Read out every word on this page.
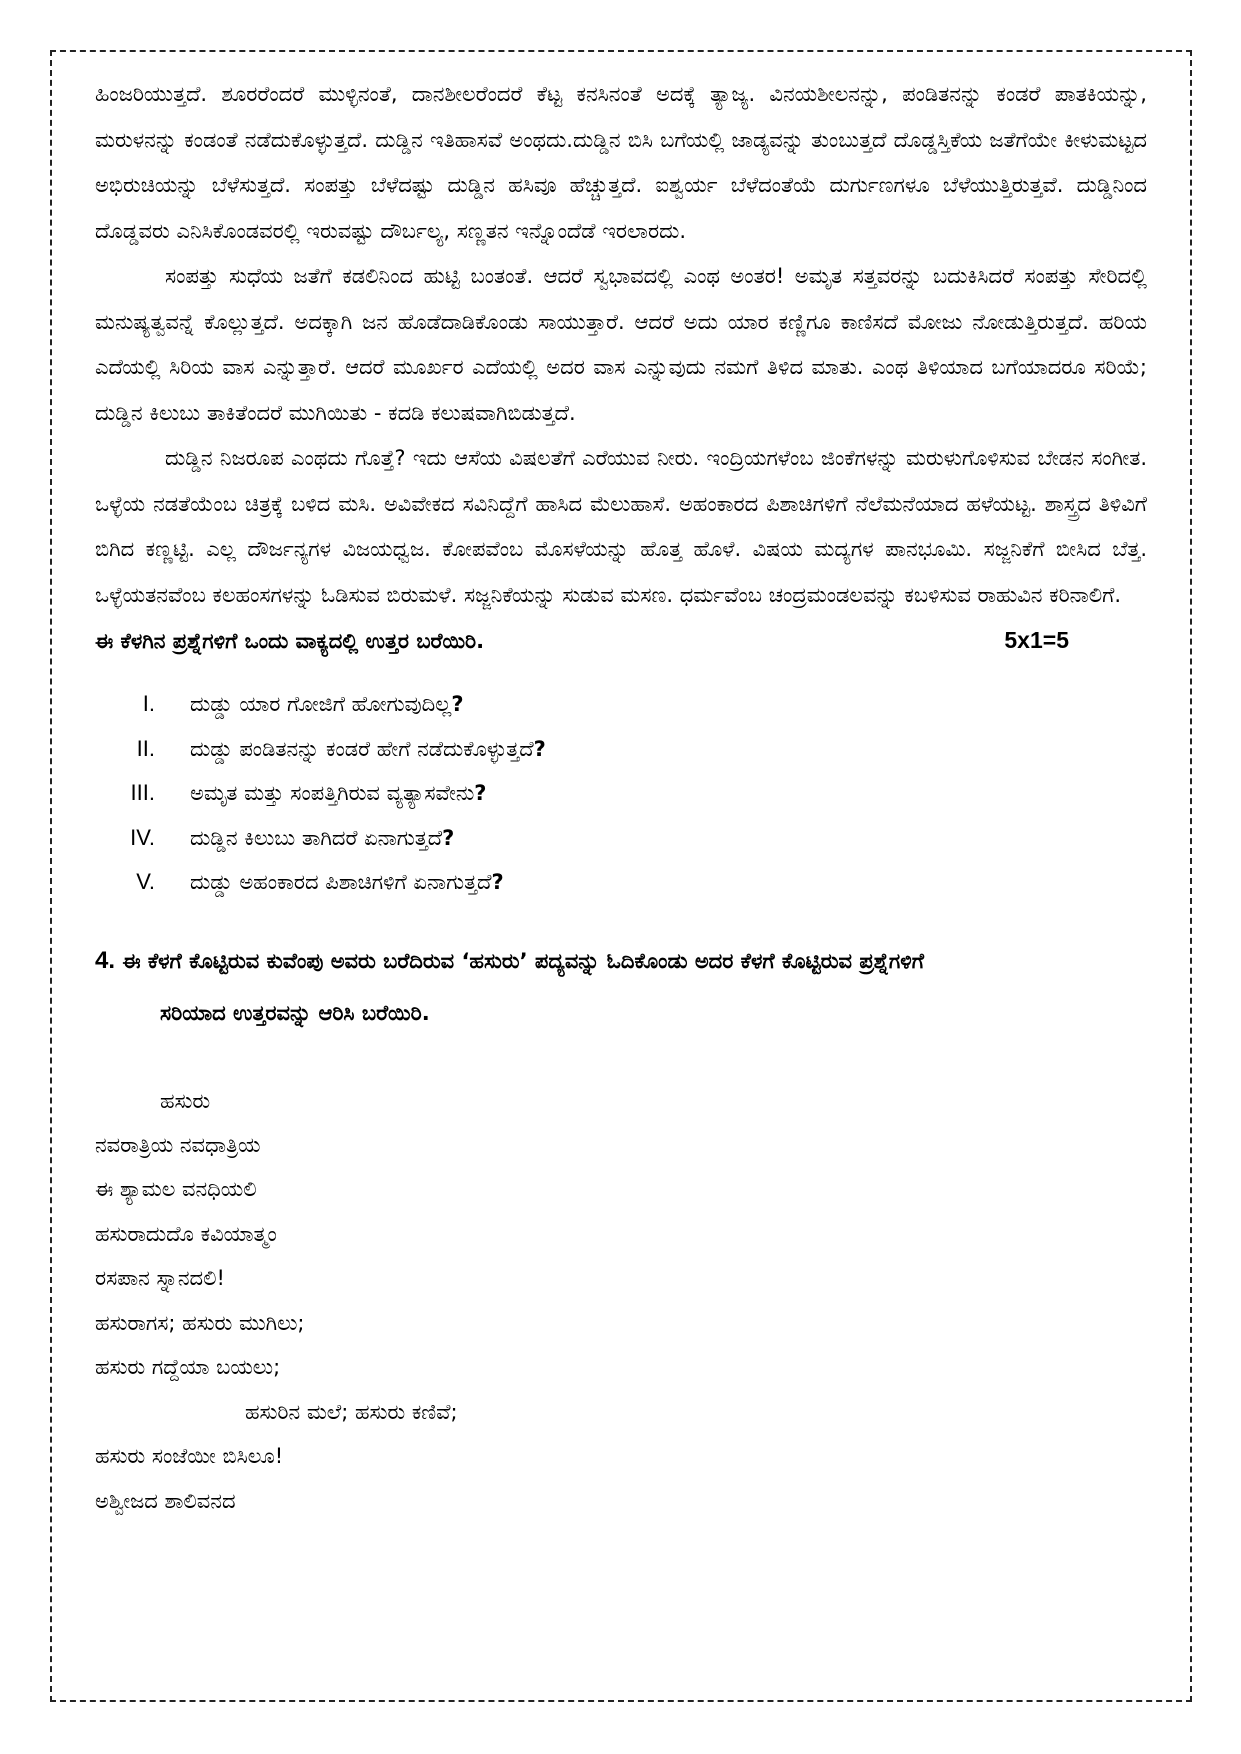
ಹಿಂಜರಿಯುತ್ತದೆ. ಶೂರರೆಂದರೆ ಮುಳ್ಳಿನಂತೆ, ದಾನಶೀಲರೆಂದರೆ ಕೆಟ್ಟ ಕನಸಿನಂತೆ ಅದಕ್ಕೆ ತ್ಯಾಜ್ಯ. ವಿನಯಶೀಲನನ್ನು, ಪಂಡಿತನನ್ನು ಕಂಡರೆ ಪಾತಕಿಯನ್ನು, ಮರುಳನನ್ನು ಕಂಡಂತೆ ನಡೆದುಕೊಳ್ಳುತ್ತದೆ. ದುಡ್ಡಿನ ಇತಿಹಾಸವೆ ಅಂಥದು.ದುಡ್ಡಿನ ಬಿಸಿ ಬಗೆಯಲ್ಲಿ ಜಾಡ್ಯವನ್ನು ತುಂಬುತ್ತದೆ ದೊಡ್ಡಸ್ತಿಕೆಯ ಜತೆಗೆಯೇ ಕೀಳುಮಟ್ಟದ ಅಭಿರುಚಿಯನ್ನು ಬೆಳೆಸುತ್ತದೆ. ಸಂಪತ್ತು ಬೆಳೆದಷ್ಟು ದುಡ್ಡಿನ ಹಸಿವೂ ಹೆಚ್ಚುತ್ತದೆ. ಐಶ್ವರ್ಯ ಬೆಳೆದಂತೆಯೆ ದುರ್ಗುಣಗಳೂ ಬೆಳೆಯುತ್ತಿರುತ್ತವೆ. ದುಡ್ಡಿನಿಂದ ದೊಡ್ಡವರು ಎನಿಸಿಕೊಂಡವರಲ್ಲಿ ಇರುವಷ್ಟು ದೌರ್ಬಲ್ಯ, ಸಣ್ಣತನ ಇನ್ನೊಂದೆಡೆ ಇರಲಾರದು.

ಸಂಪತ್ತು ಸುಧೆಯ ಜತೆಗೆ ಕಡಲಿನಿಂದ ಹುಟ್ಟಿ ಬಂತಂತೆ. ಆದರೆ ಸ್ವಭಾವದಲ್ಲಿ ಎಂಥ ಅಂತರ! ಅಮೃತ ಸತ್ತವರನ್ನು ಬದುಕಿಸಿದರೆ ಸಂಪತ್ತು ಸೇರಿದಲ್ಲಿ ಮನುಷ್ಯತ್ವವನ್ನೆ ಕೊಲ್ಲುತ್ತದೆ. ಅದಕ್ಕಾಗಿ ಜನ ಹೊಡೆದಾಡಿಕೊಂಡು ಸಾಯುತ್ತಾರೆ. ಆದರೆ ಅದು ಯಾರ ಕಣ್ಣಿಗೂ ಕಾಣಿಸದೆ ಮೋಜು ನೋಡುತ್ತಿರುತ್ತದೆ. ಹರಿಯ ಎದೆಯಲ್ಲಿ ಸಿರಿಯ ವಾಸ ಎನ್ನುತ್ತಾರೆ. ಆದರೆ ಮೂರ್ಖರ ಎದೆಯಲ್ಲಿ ಅದರ ವಾಸ ಎನ್ನುವುದು ನಮಗೆ ತಿಳಿದ ಮಾತು. ಎಂಥ ತಿಳಿಯಾದ ಬಗೆಯಾದರೂ ಸರಿಯೆ; ದುಡ್ಡಿನ ಕಿಲುಬು ತಾಕಿತೆಂದರೆ ಮುಗಿಯಿತು - ಕದಡಿ ಕಲುಷವಾಗಿಬಿಡುತ್ತದೆ.

ದುಡ್ಡಿನ ನಿಜರೂಪ ಎಂಥದು ಗೊತ್ತೆ? ಇದು ಆಸೆಯ ವಿಷಲತೆಗೆ ಎರೆಯುವ ನೀರು. ಇಂದ್ರಿಯಗಳೆಂಬ ಜಿಂಕೆಗಳನ್ನು ಮರುಳುಗೊಳಿಸುವ ಬೇಡನ ಸಂಗೀತ. ಒಳ್ಳೆಯ ನಡತೆಯೆಂಬ ಚಿತ್ರಕ್ಕೆ ಬಳಿದ ಮಸಿ. ಅವಿವೇಕದ ಸವಿನಿದ್ದೆಗೆ ಹಾಸಿದ ಮೆಲುಹಾಸೆ. ಅಹಂಕಾರದ ಪಿಶಾಚಿಗಳಿಗೆ ನೆಲೆಮನೆಯಾದ ಹಳೆಯಟ್ಟ. ಶಾಸ್ತ್ರದ ತಿಳಿವಿಗೆ ಬಿಗಿದ ಕಣ್ಣಟ್ಟಿ. ಎಲ್ಲ ದೌರ್ಜನ್ಯಗಳ ವಿಜಯಧ್ವಜ. ಕೋಪವೆಂಬ ಮೊಸಳೆಯನ್ನು ಹೊತ್ತ ಹೊಳೆ. ವಿಷಯ ಮದ್ಯಗಳ ಪಾನಭೂಮಿ. ಸಜ್ಜನಿಕೆಗೆ ಬೀಸಿದ ಬೆತ್ತ. ಒಳ್ಳೆಯತನವೆಂಬ ಕಲಹಂಸಗಳನ್ನು ಓಡಿಸುವ ಬಿರುಮಳೆ. ಸಜ್ಜನಿಕೆಯನ್ನು ಸುಡುವ ಮಸಣ. ಧರ್ಮವೆಂಬ ಚಂದ್ರಮಂಡಲವನ್ನು ಕಬಳಿಸುವ ರಾಹುವಿನ ಕರಿನಾಲಿಗೆ.

ಈ ಕೆಳಗಿನ ಪ್ರಶ್ನೆಗಳಿಗೆ ಒಂದು ವಾಕ್ಯದಲ್ಲಿ ಉತ್ತರ ಬರೆಯಿರಿ.	5x1=5
I.	ದುಡ್ಡು ಯಾರ ಗೋಜಿಗೆ ಹೋಗುವುದಿಲ್ಲ?
II.	ದುಡ್ಡು ಪಂಡಿತನನ್ನು ಕಂಡರೆ ಹೇಗೆ ನಡೆದುಕೊಳ್ಳುತ್ತದೆ?
III.	ಅಮೃತ ಮತ್ತು ಸಂಪತ್ತಿಗಿರುವ ವ್ಯತ್ಯಾಸವೇನು?
IV.	ದುಡ್ಡಿನ ಕಿಲುಬು ತಾಗಿದರೆ ಏನಾಗುತ್ತದೆ?
V.	ದುಡ್ಡು ಅಹಂಕಾರದ ಪಿಶಾಚಿಗಳಿಗೆ ಏನಾಗುತ್ತದೆ?
4. ಈ ಕೆಳಗೆ ಕೊಟ್ಟಿರುವ ಕುವೆಂಪು ಅವರು ಬರೆದಿರುವ ‘ಹಸುರು’ ಪದ್ಯವನ್ನು ಓದಿಕೊಂಡು ಅದರ ಕೆಳಗೆ ಕೊಟ್ಟಿರುವ ಪ್ರಶ್ನೆಗಳಿಗೆ
ಸರಿಯಾದ ಉತ್ತರವನ್ನು ಆರಿಸಿ ಬರೆಯಿರಿ.
ಹಸುರು
ನವರಾತ್ರಿಯ ನವಧಾತ್ರಿಯ
ಈ ಶ್ಯಾಮಲ ವನಧಿಯಲಿ
ಹಸುರಾದುದೊ ಕವಿಯಾತ್ಮಂ
ರಸಪಾನ ಸ್ನಾನದಲಿ!
ಹಸುರಾಗಸ; ಹಸುರು ಮುಗಿಲು;
ಹಸುರು ಗದ್ದೆಯಾ ಬಯಲು;
ಹಸುರಿನ ಮಲೆ; ಹಸುರು ಕಣಿವೆ;
ಹಸುರು ಸಂಜೆಯೀ ಬಿಸಿಲೂ!
ಅಶ್ವೀಜದ ಶಾಲಿವನದ
